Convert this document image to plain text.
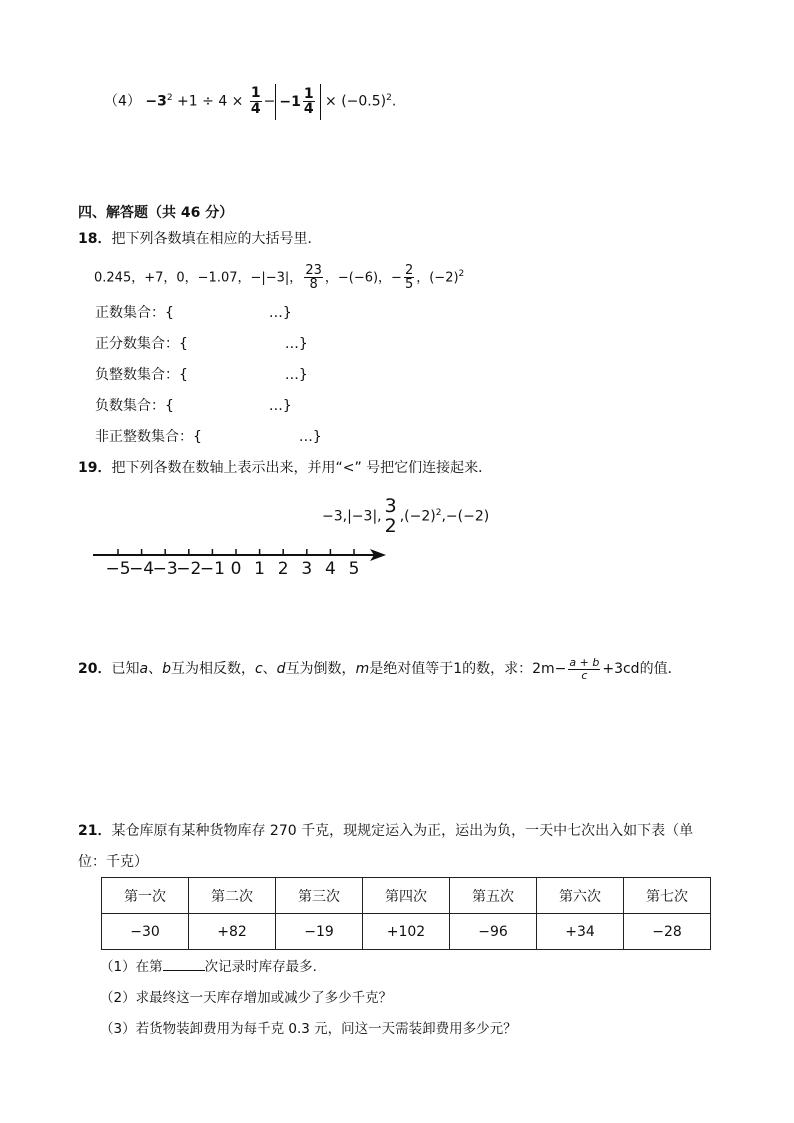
$(4) -3^2 +1 \div 4 \times \frac{1}{4} - -1 \frac{1}{4} \times (-0.5)^2$.
四、解答题（共 46 分）
18．把下列各数填在相应的大括号里．
0.245，+7，0，−1.07，−|−3|， $\frac{23}{8}$ ，−(−6)，− $\frac{2}{5}$ ，$(-2)^2$
正数集合：{	…}
正分数集合：{	…}
负整数集合：{	…}
负数集合：{	…}
非正整数集合：{	…}
19．把下列各数在数轴上表示出来，并用“<” 号把它们连接起来．
−3,|−3|, 3
2 $,(-2)^2,-(-2)$
−5
−4
−3
−2
−1 0 1 2 3 4 5
20．已知a、b互为相反数，c、d互为倒数，m是绝对值等于1的数，求：$2m- \frac{a + b}{c} +3cd$的值．
21．某仓库原有某种货物库存 270 千克，现规定运入为正，运出为负，一天中七次出入如下表（单
位：千克）
第一次	第二次	第三次	第四次	第五次	第六次	第七次
−30	+82	−19	+102	−96	+34	−28
（1）在第	次记录时库存最多．
（2）求最终这一天库存增加或减少了多少千克？
（3）若货物装卸费用为每千克 0.3 元，问这一天需装卸费用多少元？
